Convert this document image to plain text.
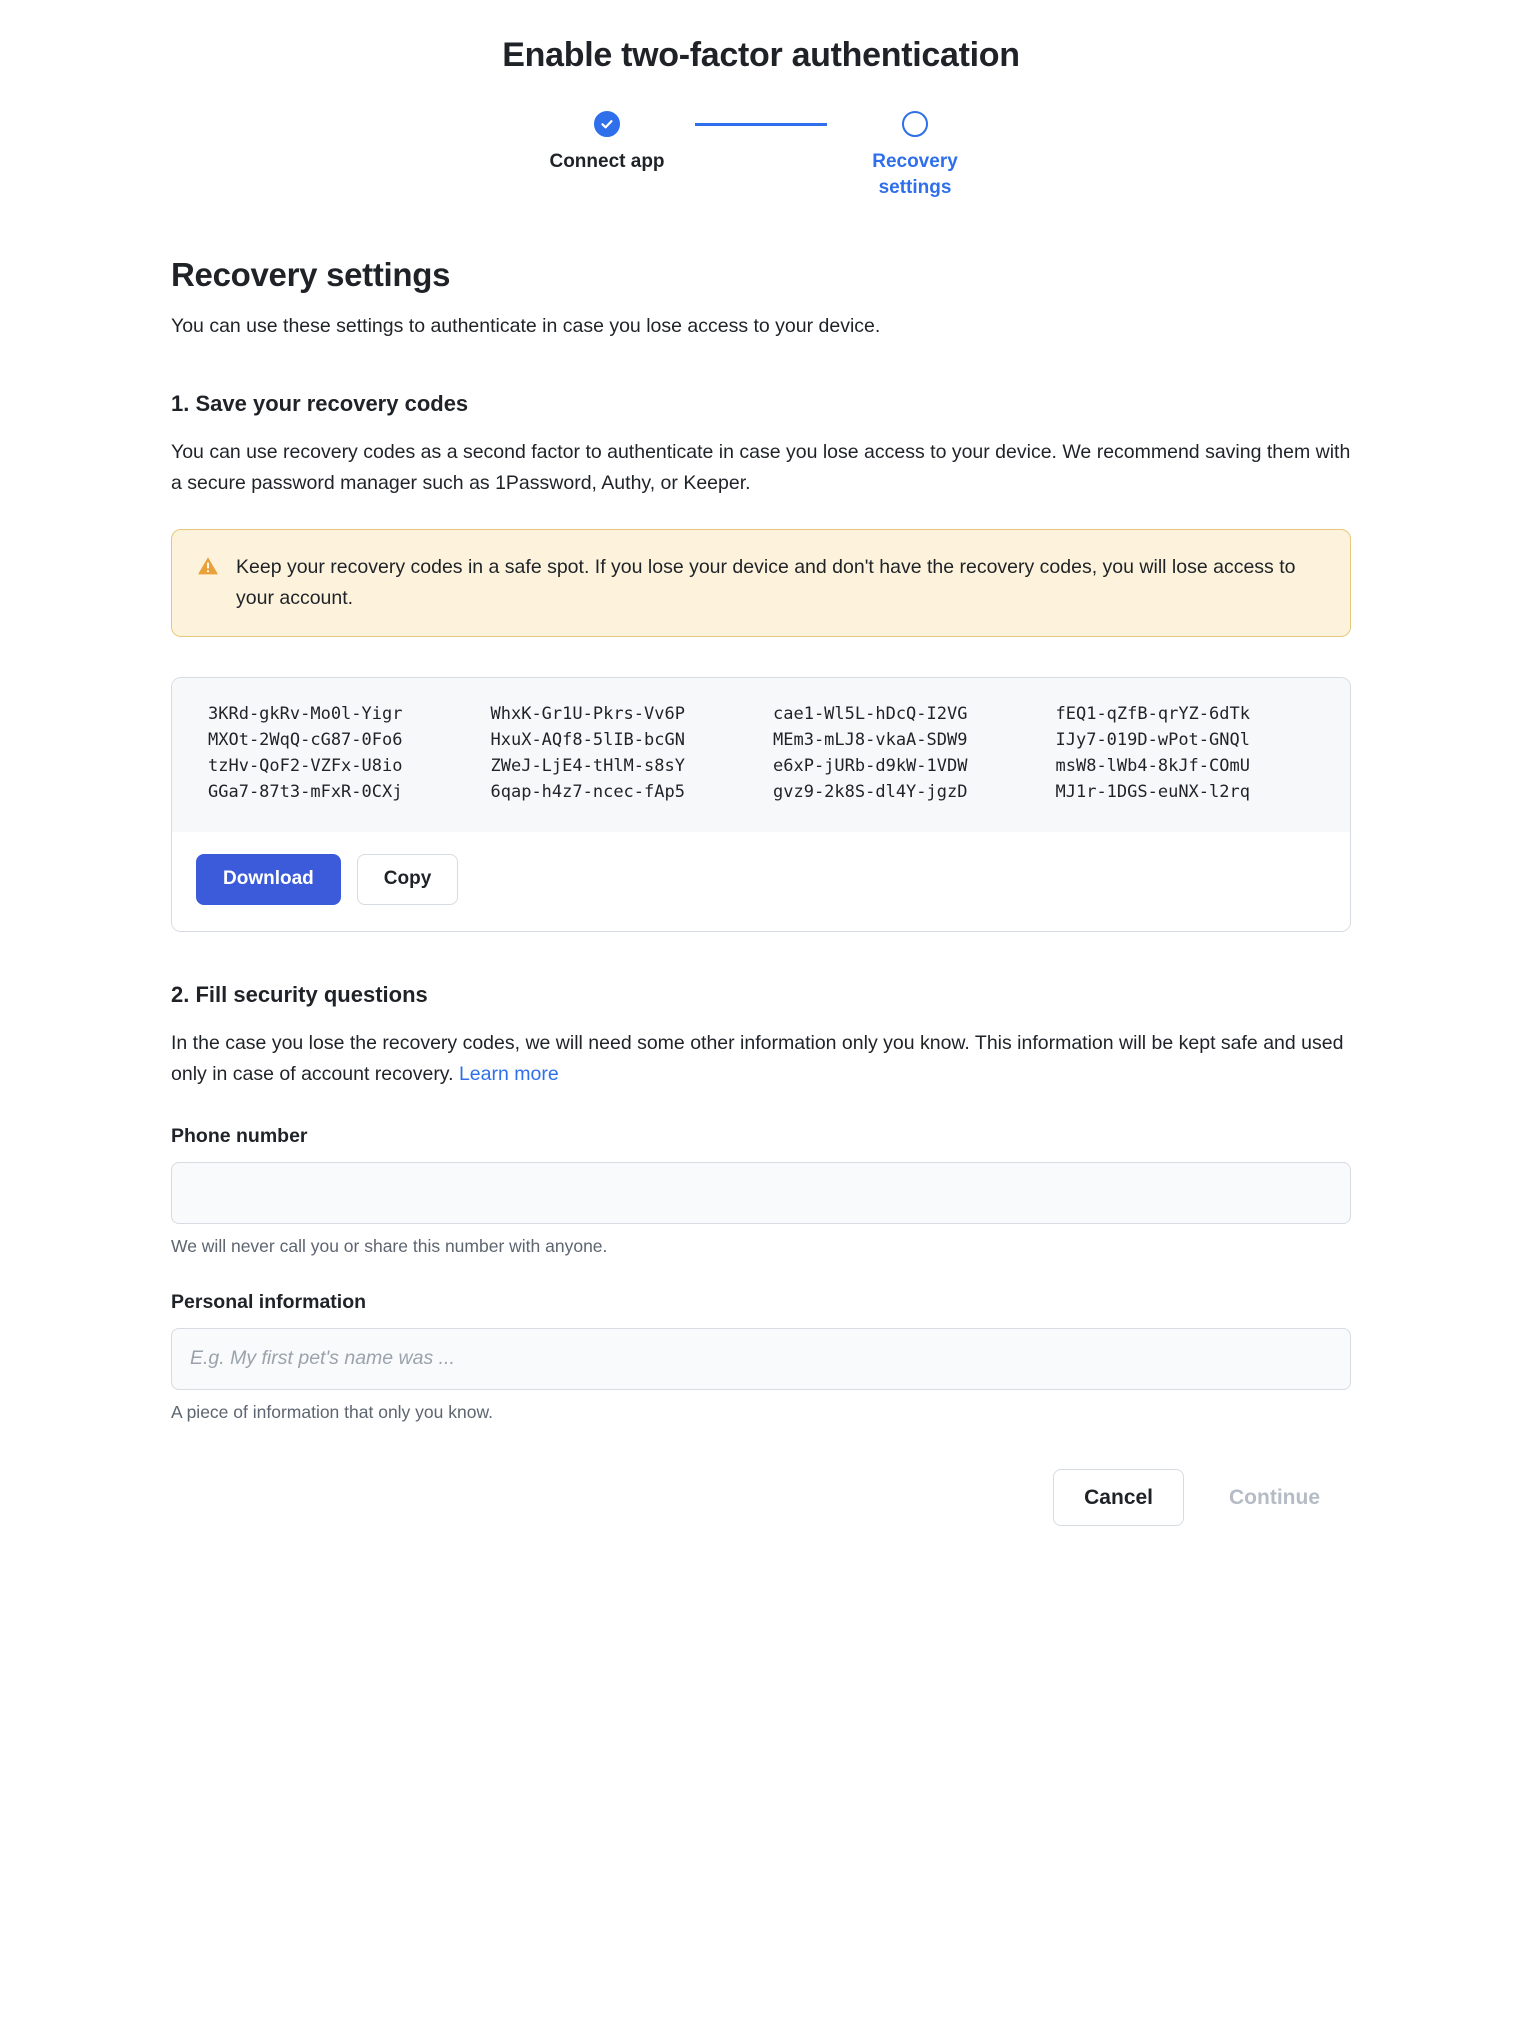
Enable two-factor authentication
Connect app	Recovery settings
Recovery settings

You can use these settings to authenticate in case you lose access to your device.

1. Save your recovery codes

You can use recovery codes as a second factor to authenticate in case you lose access to your device. We recommend saving them with a secure password manager such as 1Password, Authy, or Keeper.

Keep your recovery codes in a safe spot. If you lose your device and don't have the recovery codes, you will lose access to your account.
3KRd-gkRv-Mo0l-Yigr	WhxK-Gr1U-Pkrs-Vv6P	cae1-Wl5L-hDcQ-I2VG	fEQ1-qZfB-qrYZ-6dTk
MXOt-2WqQ-cG87-0Fo6	HxuX-AQf8-5lIB-bcGN	MEm3-mLJ8-vkaA-SDW9	IJy7-019D-wPot-GNQl
tzHv-QoF2-VZFx-U8io	ZWeJ-LjE4-tHlM-s8sY	e6xP-jURb-d9kW-1VDW	msW8-lWb4-8kJf-COmU
GGa7-87t3-mFxR-0CXj	6qap-h4z7-ncec-fAp5	gvz9-2k8S-dl4Y-jgzD	MJ1r-1DGS-euNX-l2rq
Download	Copy
2. Fill security questions

In the case you lose the recovery codes, we will need some other information only you know. This information will be kept safe and used only in case of account recovery. Learn more

Phone number
We will never call you or share this number with anyone.
Personal information
E.g. My first pet's name was ...
A piece of information that only you know.
Cancel	Continue
